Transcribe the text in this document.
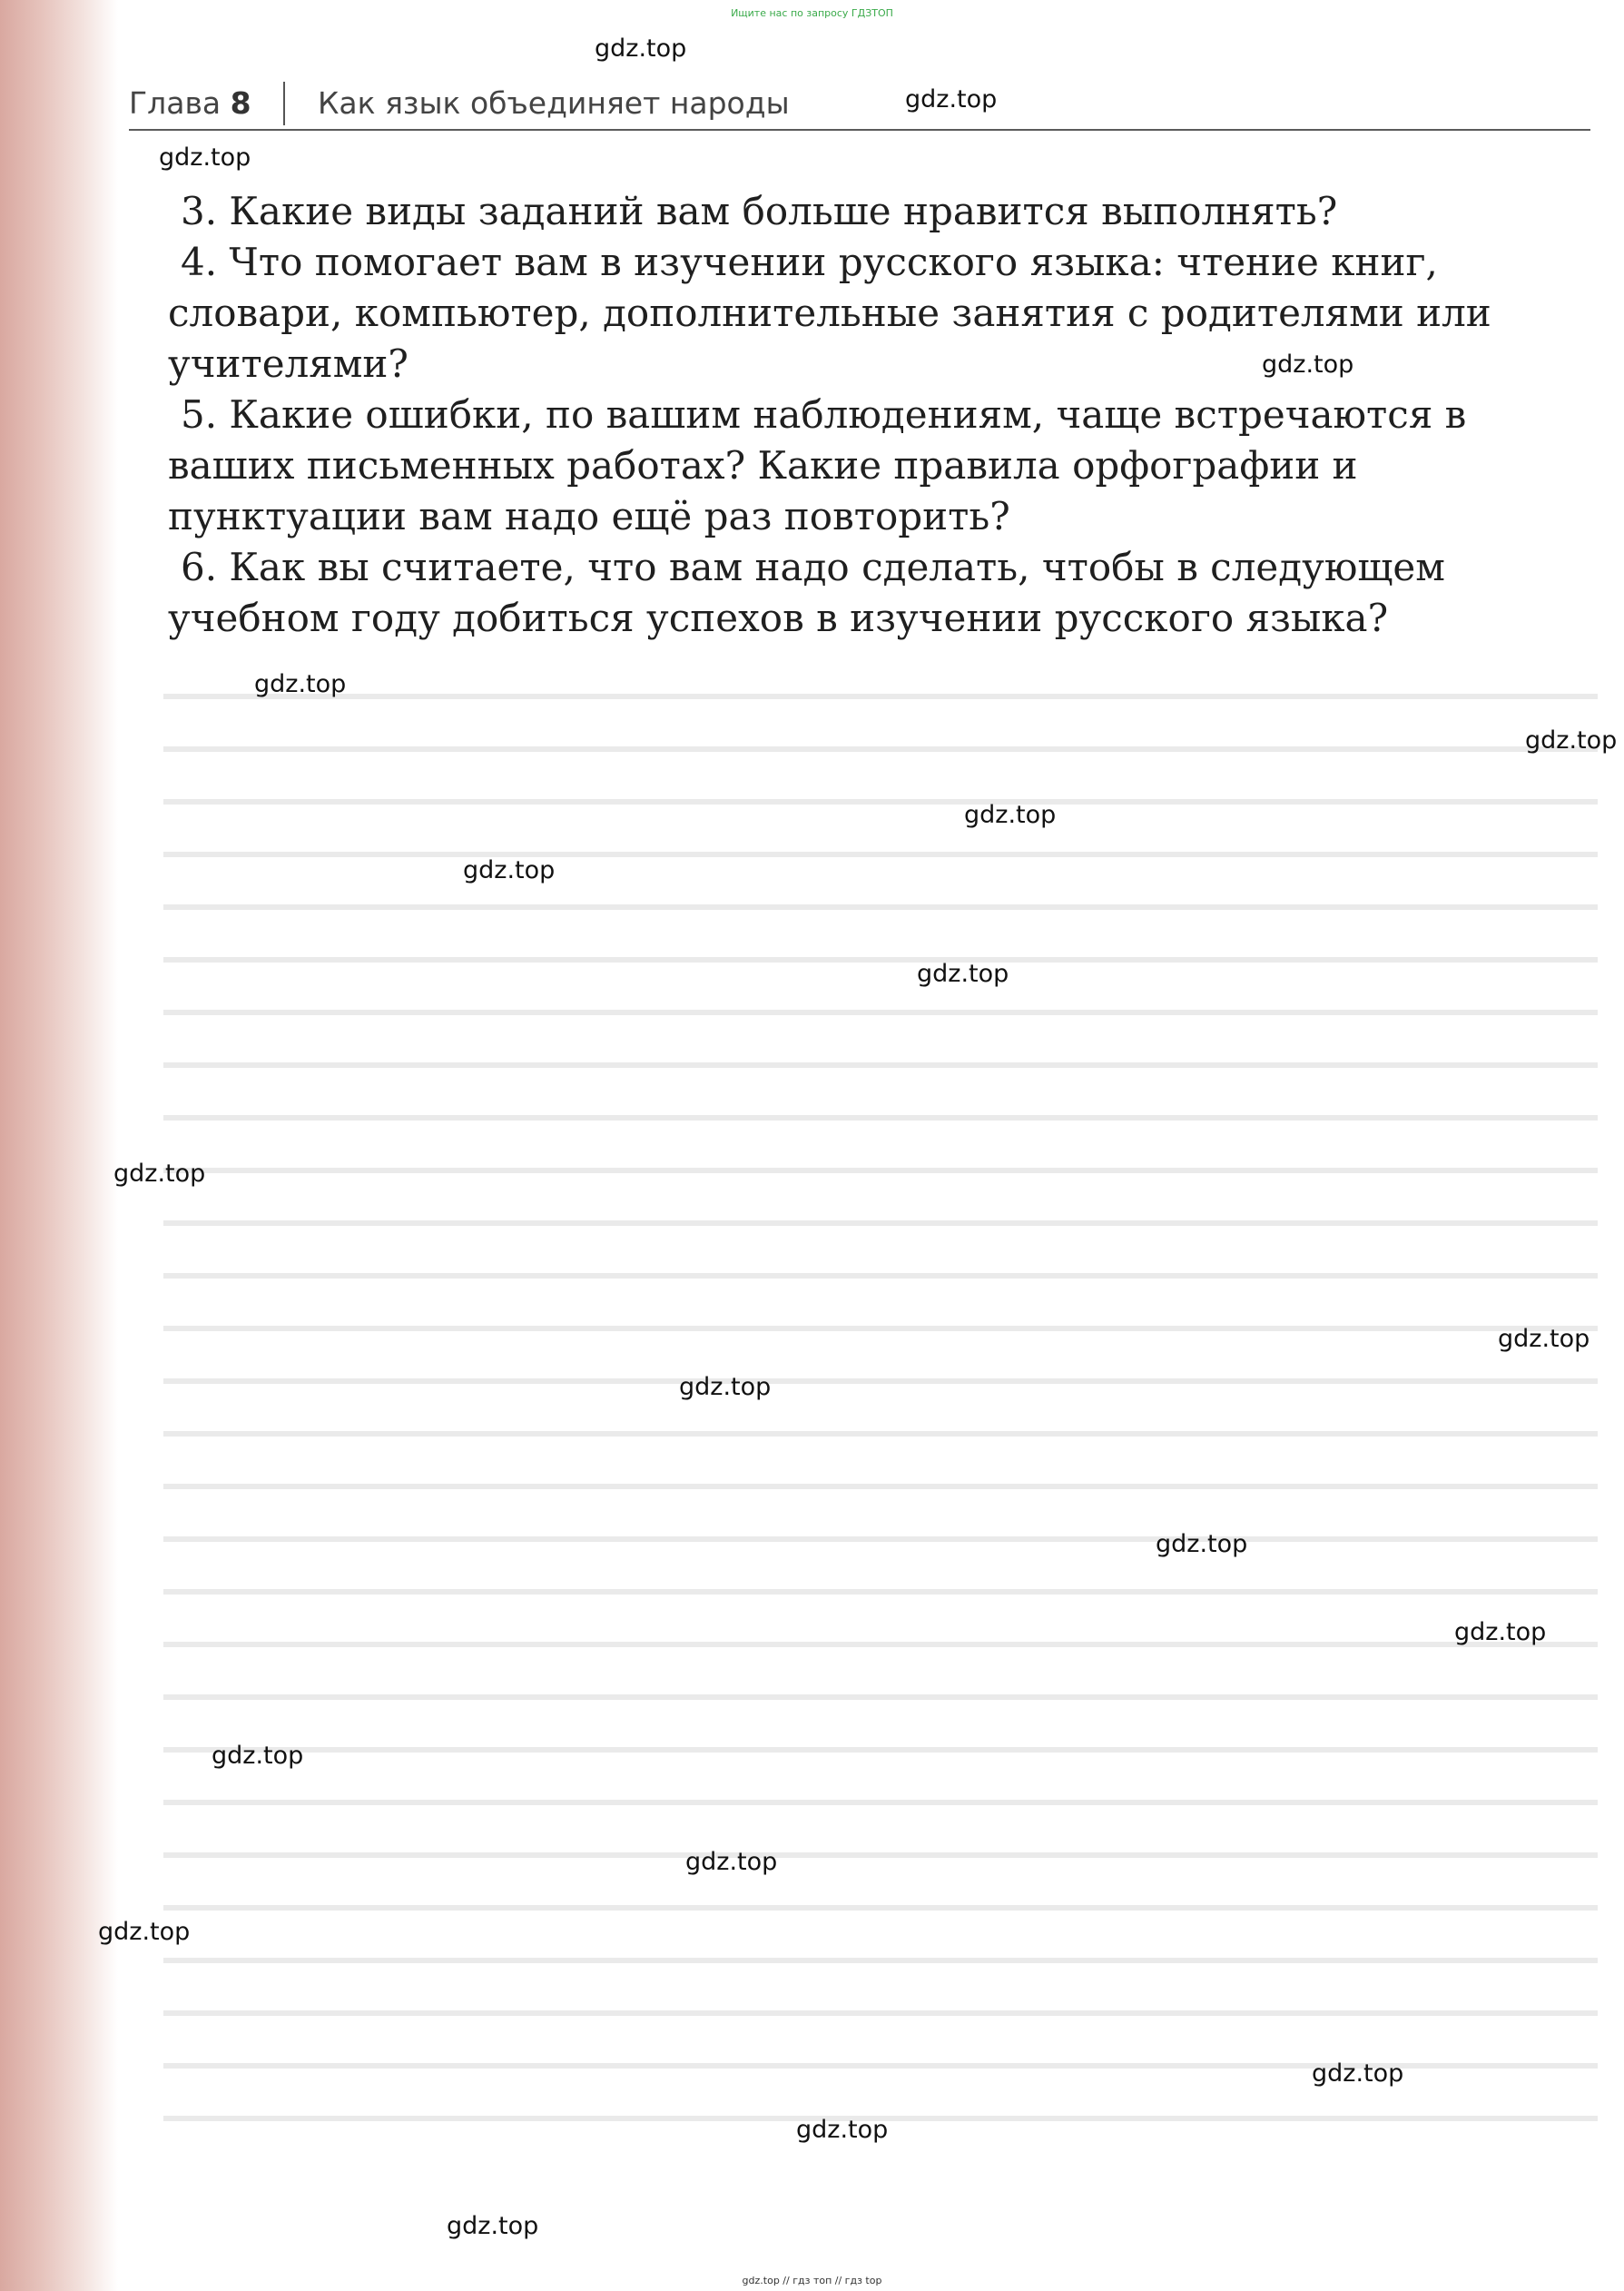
Ищите нас по запросу ГДЗТОП
Глава 8 Как язык объединяет народы

3. Какие виды заданий вам больше нравится выполнять?

4. Что помогает вам в изучении русского языка: чтение книг, словари, компьютер, дополнительные занятия с родителями или учителями?

5. Какие ошибки, по вашим наблюдениям, чаще встречаются в ваших письменных работах? Какие правила орфографии и пунктуации вам надо ещё раз повторить?

6. Как вы считаете, что вам надо сделать, чтобы в следующем учебном году добиться успехов в изучении русского языка?

gdz.top
gdz.top
gdz.top
gdz.top
gdz.top
gdz.top
gdz.top
gdz.top
gdz.top
gdz.top
gdz.top
gdz.top
gdz.top
gdz.top
gdz.top
gdz.top
gdz.top
gdz.top
gdz.top
gdz.top
gdz.top // гдз топ // гдз top
